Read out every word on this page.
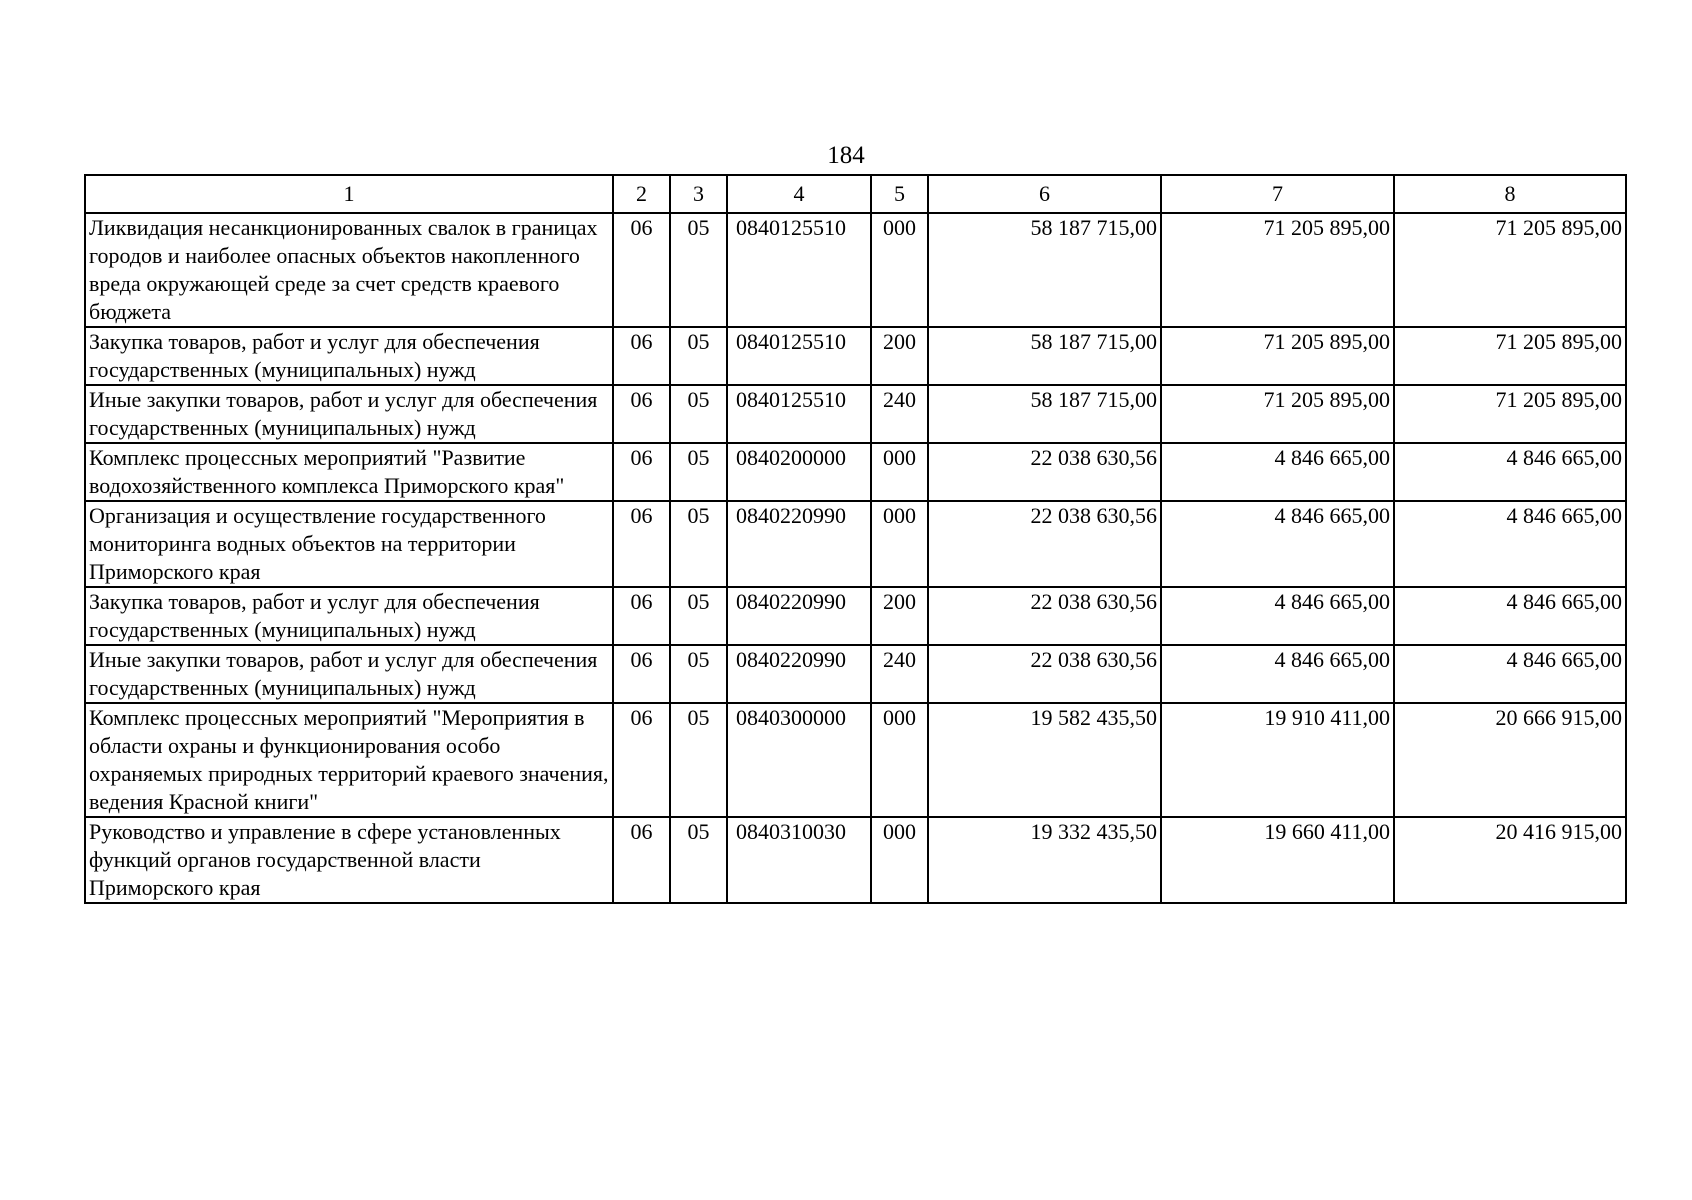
184
1	2	3	4	5	6	7	8
Ликвидация несанкционированных свалок в границах городов и наиболее опасных объектов накопленного вреда окружающей среде за счет средств краевого бюджета	06	05	0840125510	000	58 187 715,00	71 205 895,00	71 205 895,00
Закупка товаров, работ и услуг для обеспечения государственных (муниципальных) нужд	06	05	0840125510	200	58 187 715,00	71 205 895,00	71 205 895,00
Иные закупки товаров, работ и услуг для обеспечения государственных (муниципальных) нужд	06	05	0840125510	240	58 187 715,00	71 205 895,00	71 205 895,00
Комплекс процессных мероприятий "Развитие водохозяйственного комплекса Приморского края"	06	05	0840200000	000	22 038 630,56	4 846 665,00	4 846 665,00
Организация и осуществление государственного мониторинга водных объектов на территории Приморского края	06	05	0840220990	000	22 038 630,56	4 846 665,00	4 846 665,00
Закупка товаров, работ и услуг для обеспечения государственных (муниципальных) нужд	06	05	0840220990	200	22 038 630,56	4 846 665,00	4 846 665,00
Иные закупки товаров, работ и услуг для обеспечения государственных (муниципальных) нужд	06	05	0840220990	240	22 038 630,56	4 846 665,00	4 846 665,00
Комплекс процессных мероприятий "Мероприятия в области охраны и функционирования особо охраняемых природных территорий краевого значения, ведения Красной книги"	06	05	0840300000	000	19 582 435,50	19 910 411,00	20 666 915,00
Руководство и управление в сфере установленных функций органов государственной власти Приморского края	06	05	0840310030	000	19 332 435,50	19 660 411,00	20 416 915,00
